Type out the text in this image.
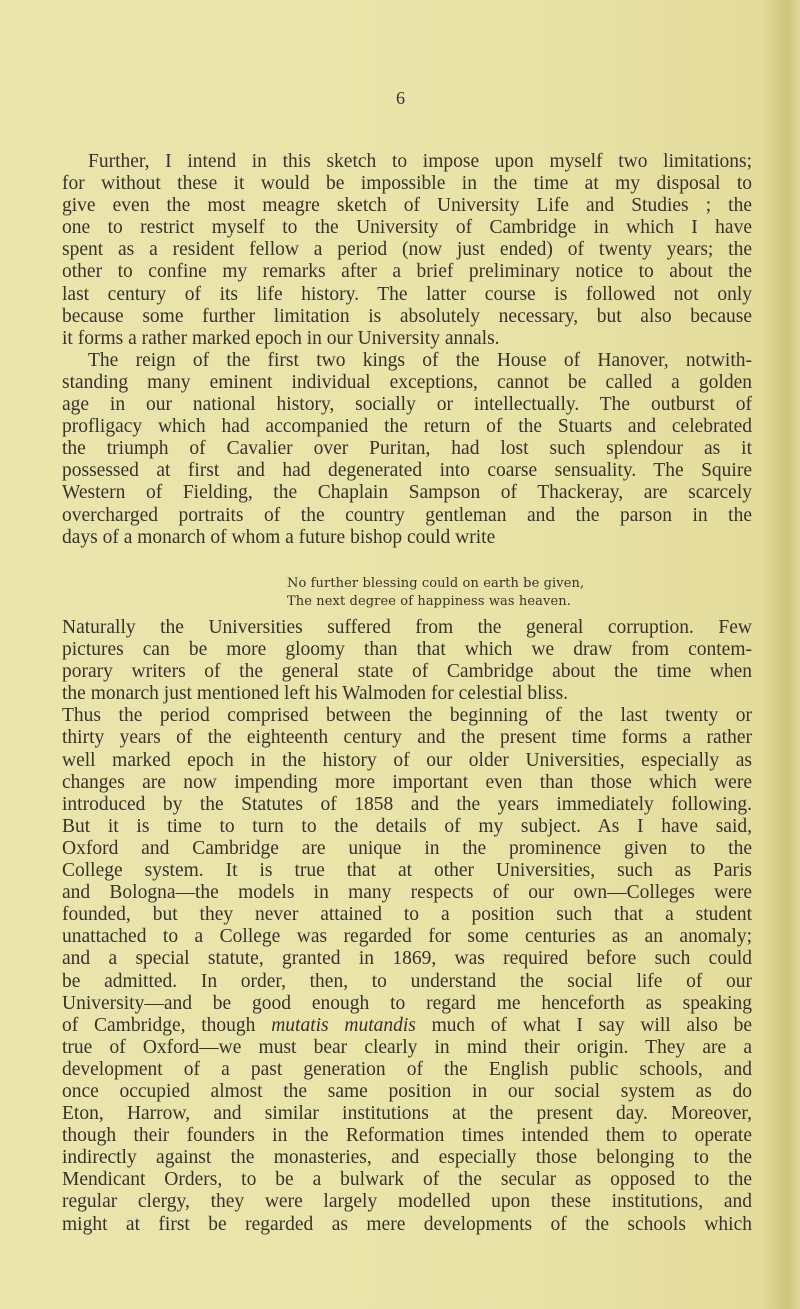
6
Further, I intend in this sketch to impose upon myself two limitations;
for without these it would be impossible in the time at my disposal to
give even the most meagre sketch of University Life and Studies ; the
one to restrict myself to the University of Cambridge in which I have
spent as a resident fellow a period (now just ended) of twenty years; the
other to confine my remarks after a brief preliminary notice to about the
last century of its life history. The latter course is followed not only
because some further limitation is absolutely necessary, but also because
it forms a rather marked epoch in our University annals.
The reign of the first two kings of the House of Hanover, notwith-
standing many eminent individual exceptions, cannot be called a golden
age in our national history, socially or intellectually. The outburst of
profligacy which had accompanied the return of the Stuarts and celebrated
the triumph of Cavalier over Puritan, had lost such splendour as it
possessed at first and had degenerated into coarse sensuality. The Squire
Western of Fielding, the Chaplain Sampson of Thackeray, are scarcely
overcharged portraits of the country gentleman and the parson in the
days of a monarch of whom a future bishop could write
No further blessing could on earth be given,
The next degree of happiness was heaven.
Naturally the Universities suffered from the general corruption. Few
pictures can be more gloomy than that which we draw from contem-
porary writers of the general state of Cambridge about the time when
the monarch just mentioned left his Walmoden for celestial bliss.
Thus the period comprised between the beginning of the last twenty or
thirty years of the eighteenth century and the present time forms a rather
well marked epoch in the history of our older Universities, especially as
changes are now impending more important even than those which were
introduced by the Statutes of 1858 and the years immediately following.
But it is time to turn to the details of my subject. As I have said,
Oxford and Cambridge are unique in the prominence given to the
College system. It is true that at other Universities, such as Paris
and Bologna—the models in many respects of our own—Colleges were
founded, but they never attained to a position such that a student
unattached to a College was regarded for some centuries as an anomaly;
and a special statute, granted in 1869, was required before such could
be admitted. In order, then, to understand the social life of our
University—and be good enough to regard me henceforth as speaking
of Cambridge, though mutatis mutandis much of what I say will also be
true of Oxford—we must bear clearly in mind their origin. They are a
development of a past generation of the English public schools, and
once occupied almost the same position in our social system as do
Eton, Harrow, and similar institutions at the present day. Moreover,
though their founders in the Reformation times intended them to operate
indirectly against the monasteries, and especially those belonging to the
Mendicant Orders, to be a bulwark of the secular as opposed to the
regular clergy, they were largely modelled upon these institutions, and
might at first be regarded as mere developments of the schools which
